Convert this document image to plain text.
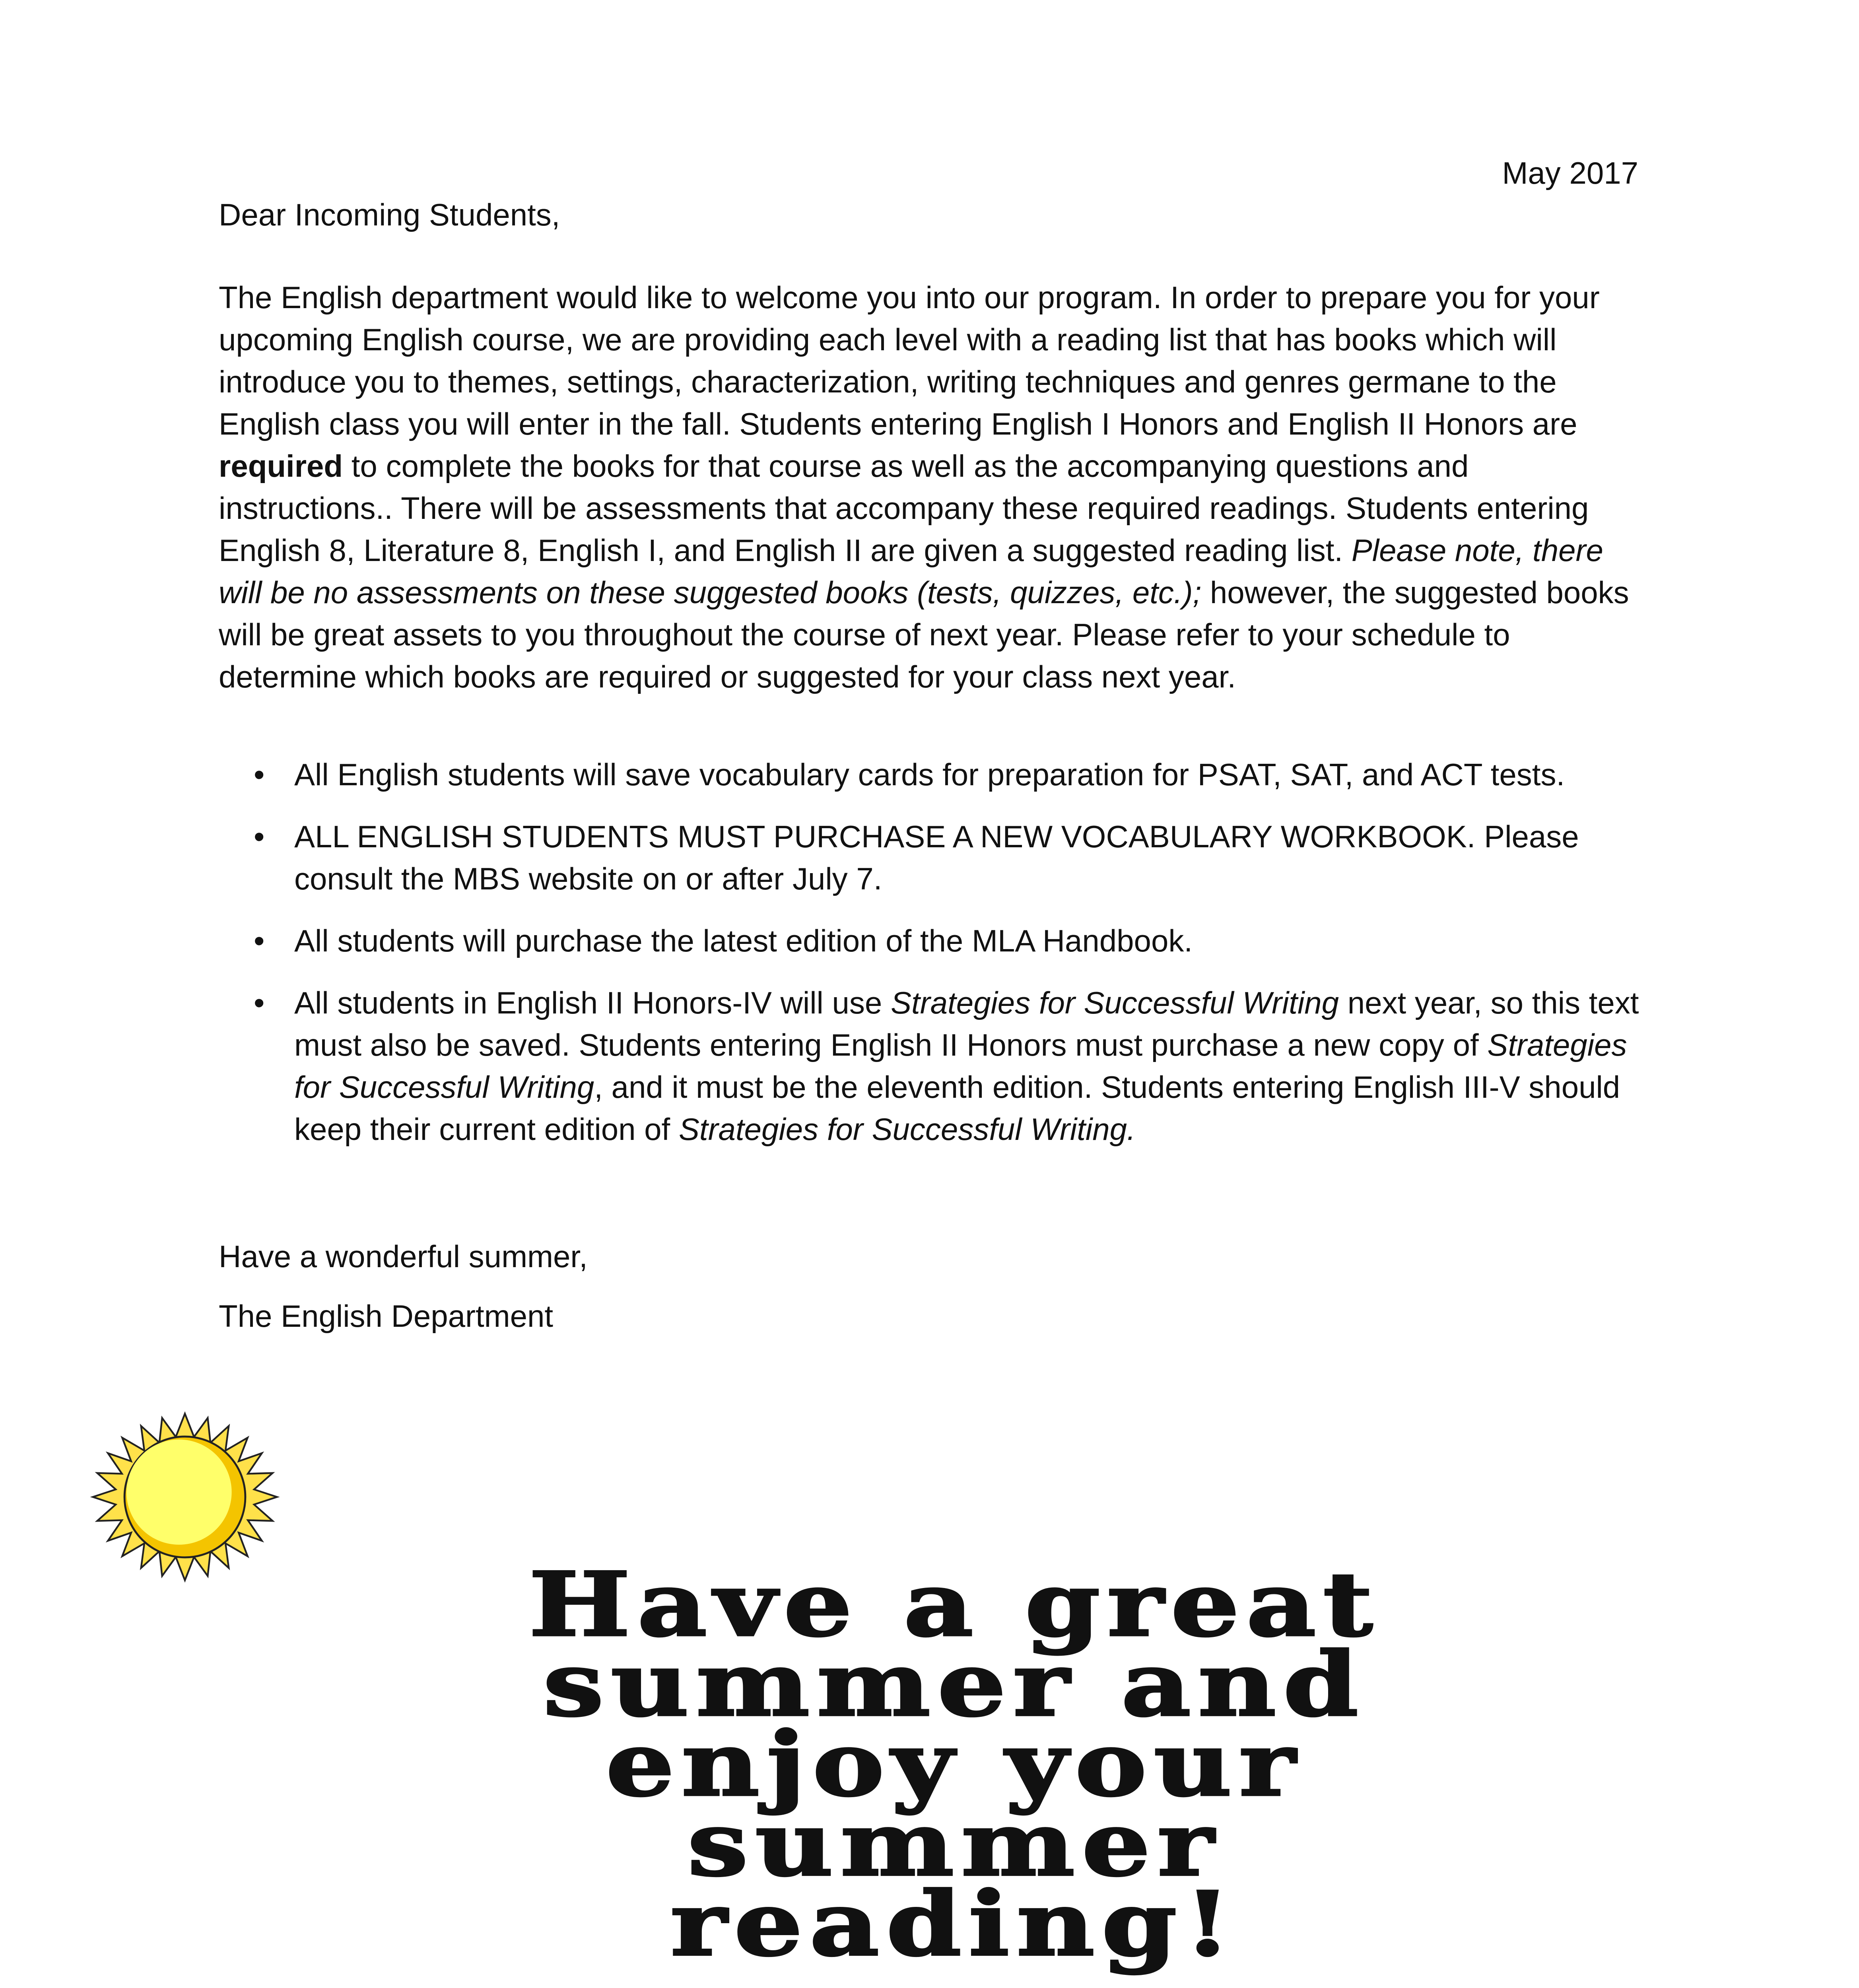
May 2017
Dear Incoming Students,

The English department would like to welcome you into our program. In order to prepare you for your upcoming English course, we are providing each level with a reading list that has books which will introduce you to themes, settings, characterization, writing techniques and genres germane to the English class you will enter in the fall. Students entering English I Honors and English II Honors are required to complete the books for that course as well as the accompanying questions and instructions.. There will be assessments that accompany these required readings. Students entering English 8, Literature 8, English I, and English II are given a suggested reading list. Please note, there will be no assessments on these suggested books (tests, quizzes, etc.); however, the suggested books will be great assets to you throughout the course of next year. Please refer to your schedule to determine which books are required or suggested for your class next year.

• All English students will save vocabulary cards for preparation for PSAT, SAT, and ACT tests.
• ALL ENGLISH STUDENTS MUST PURCHASE A NEW VOCABULARY WORKBOOK. Please consult the MBS website on or after July 7.
• All students will purchase the latest edition of the MLA Handbook.
• All students in English II Honors-IV will use Strategies for Successful Writing next year, so this text must also be saved. Students entering English II Honors must purchase a new copy of Strategies for Successful Writing, and it must be the eleventh edition. Students entering English III-V should keep their current edition of Strategies for Successful Writing.
Have a wonderful summer,
The English Department
Have a great
summer and
enjoy your
summer
reading!
